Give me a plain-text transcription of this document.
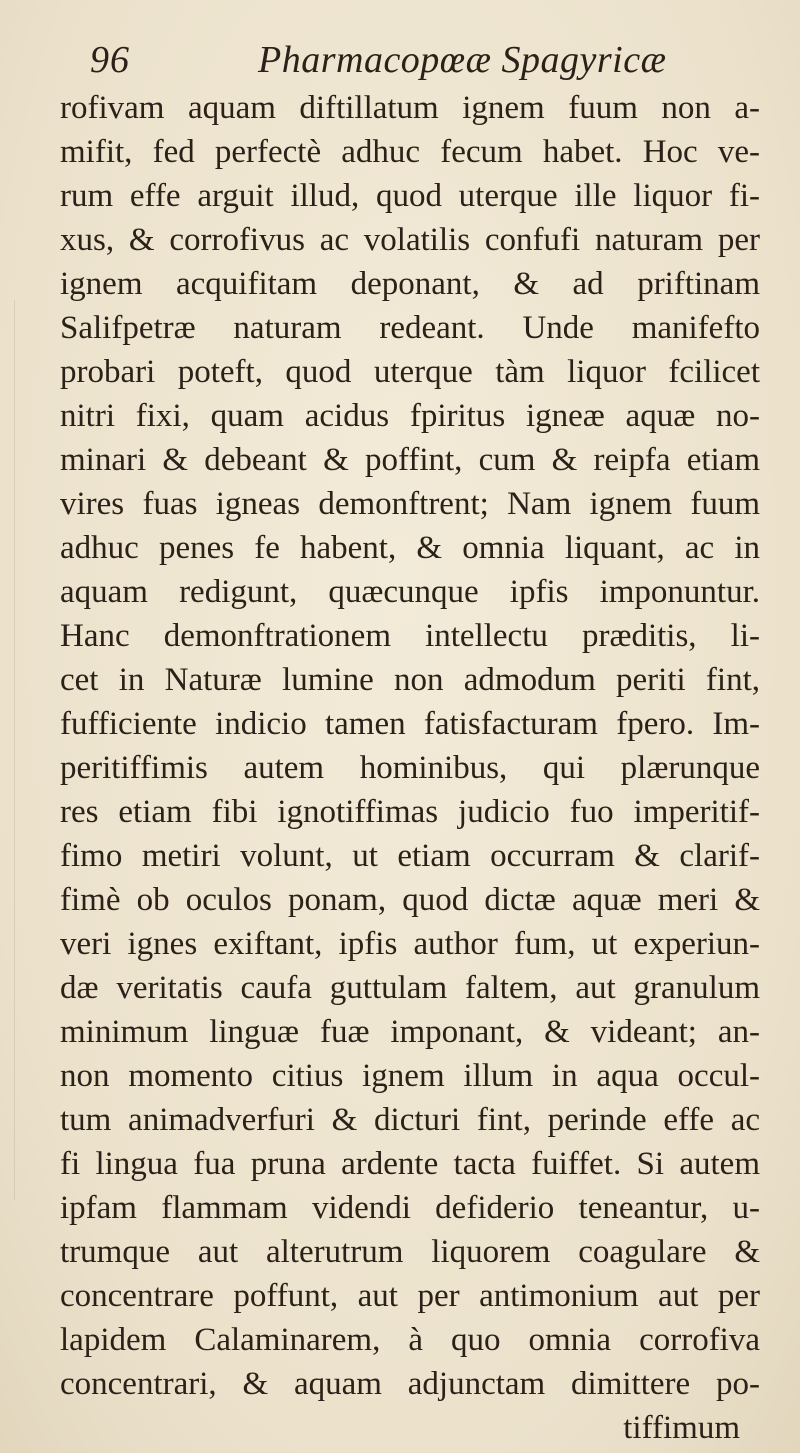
96	Pharmacopœæ Spagyricæ
rofivam aquam diftillatum ignem fuum non a-
mifit, fed perfectè adhuc fecum habet. Hoc ve-
rum effe arguit illud, quod uterque ille liquor fi-
xus, & corrofivus ac volatilis confufi naturam per
ignem acquifitam deponant, & ad priftinam
Salifpetræ naturam redeant. Unde manifefto
probari poteft, quod uterque tàm liquor fcilicet
nitri fixi, quam acidus fpiritus igneæ aquæ no-
minari & debeant & poffint, cum & reipfa etiam
vires fuas igneas demonftrent; Nam ignem fuum
adhuc penes fe habent, & omnia liquant, ac in
aquam redigunt, quæcunque ipfis imponuntur.
Hanc demonftrationem intellectu præditis, li-
cet in Naturæ lumine non admodum periti fint,
fufficiente indicio tamen fatisfacturam fpero. Im-
peritiffimis autem hominibus, qui plærunque
res etiam fibi ignotiffimas judicio fuo imperitif-
fimo metiri volunt, ut etiam occurram & clarif-
fimè ob oculos ponam, quod dictæ aquæ meri &
veri ignes exiftant, ipfis author fum, ut experiun-
dæ veritatis caufa guttulam faltem, aut granulum
minimum linguæ fuæ imponant, & videant; an-
non momento citius ignem illum in aqua occul-
tum animadverfuri & dicturi fint, perinde effe ac
fi lingua fua pruna ardente tacta fuiffet. Si autem
ipfam flammam videndi defiderio teneantur, u-
trumque aut alterutrum liquorem coagulare &
concentrare poffunt, aut per antimonium aut per
lapidem Calaminarem, à quo omnia corrofiva
concentrari, & aquam adjunctam dimittere po-
tiffimum
